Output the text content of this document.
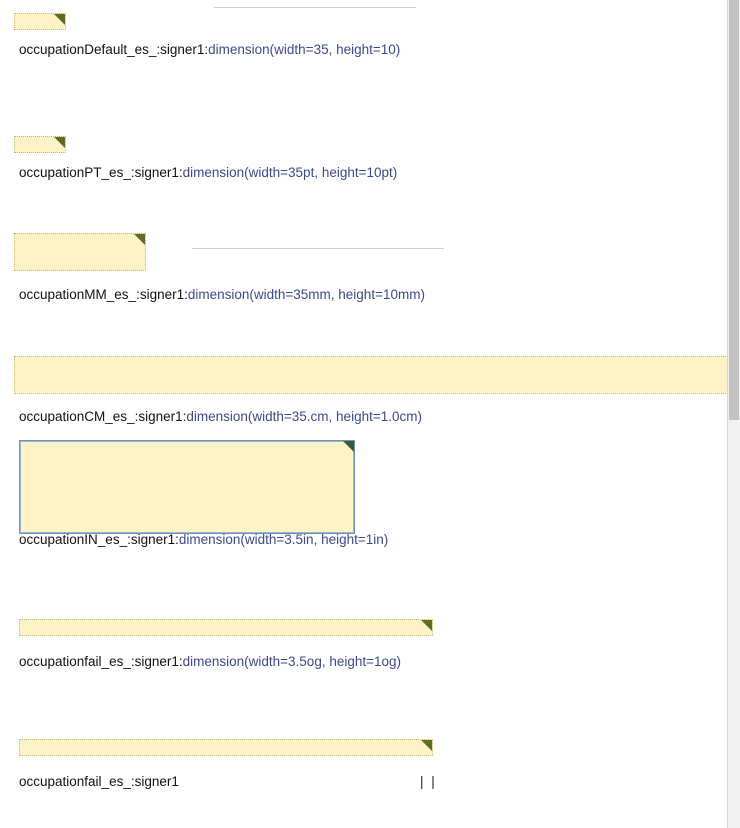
occupationDefault_es_:signer1:dimension(width=35, height=10)
occupationPT_es_:signer1:dimension(width=35pt, height=10pt)
occupationMM_es_:signer1:dimension(width=35mm, height=10mm)
occupationCM_es_:signer1:dimension(width=35.cm, height=1.0cm)
occupationIN_es_:signer1:dimension(width=3.5in, height=1in)
occupationfail_es_:signer1:dimension(width=3.5og, height=1og)
occupationfail_es_:signer1	| |
